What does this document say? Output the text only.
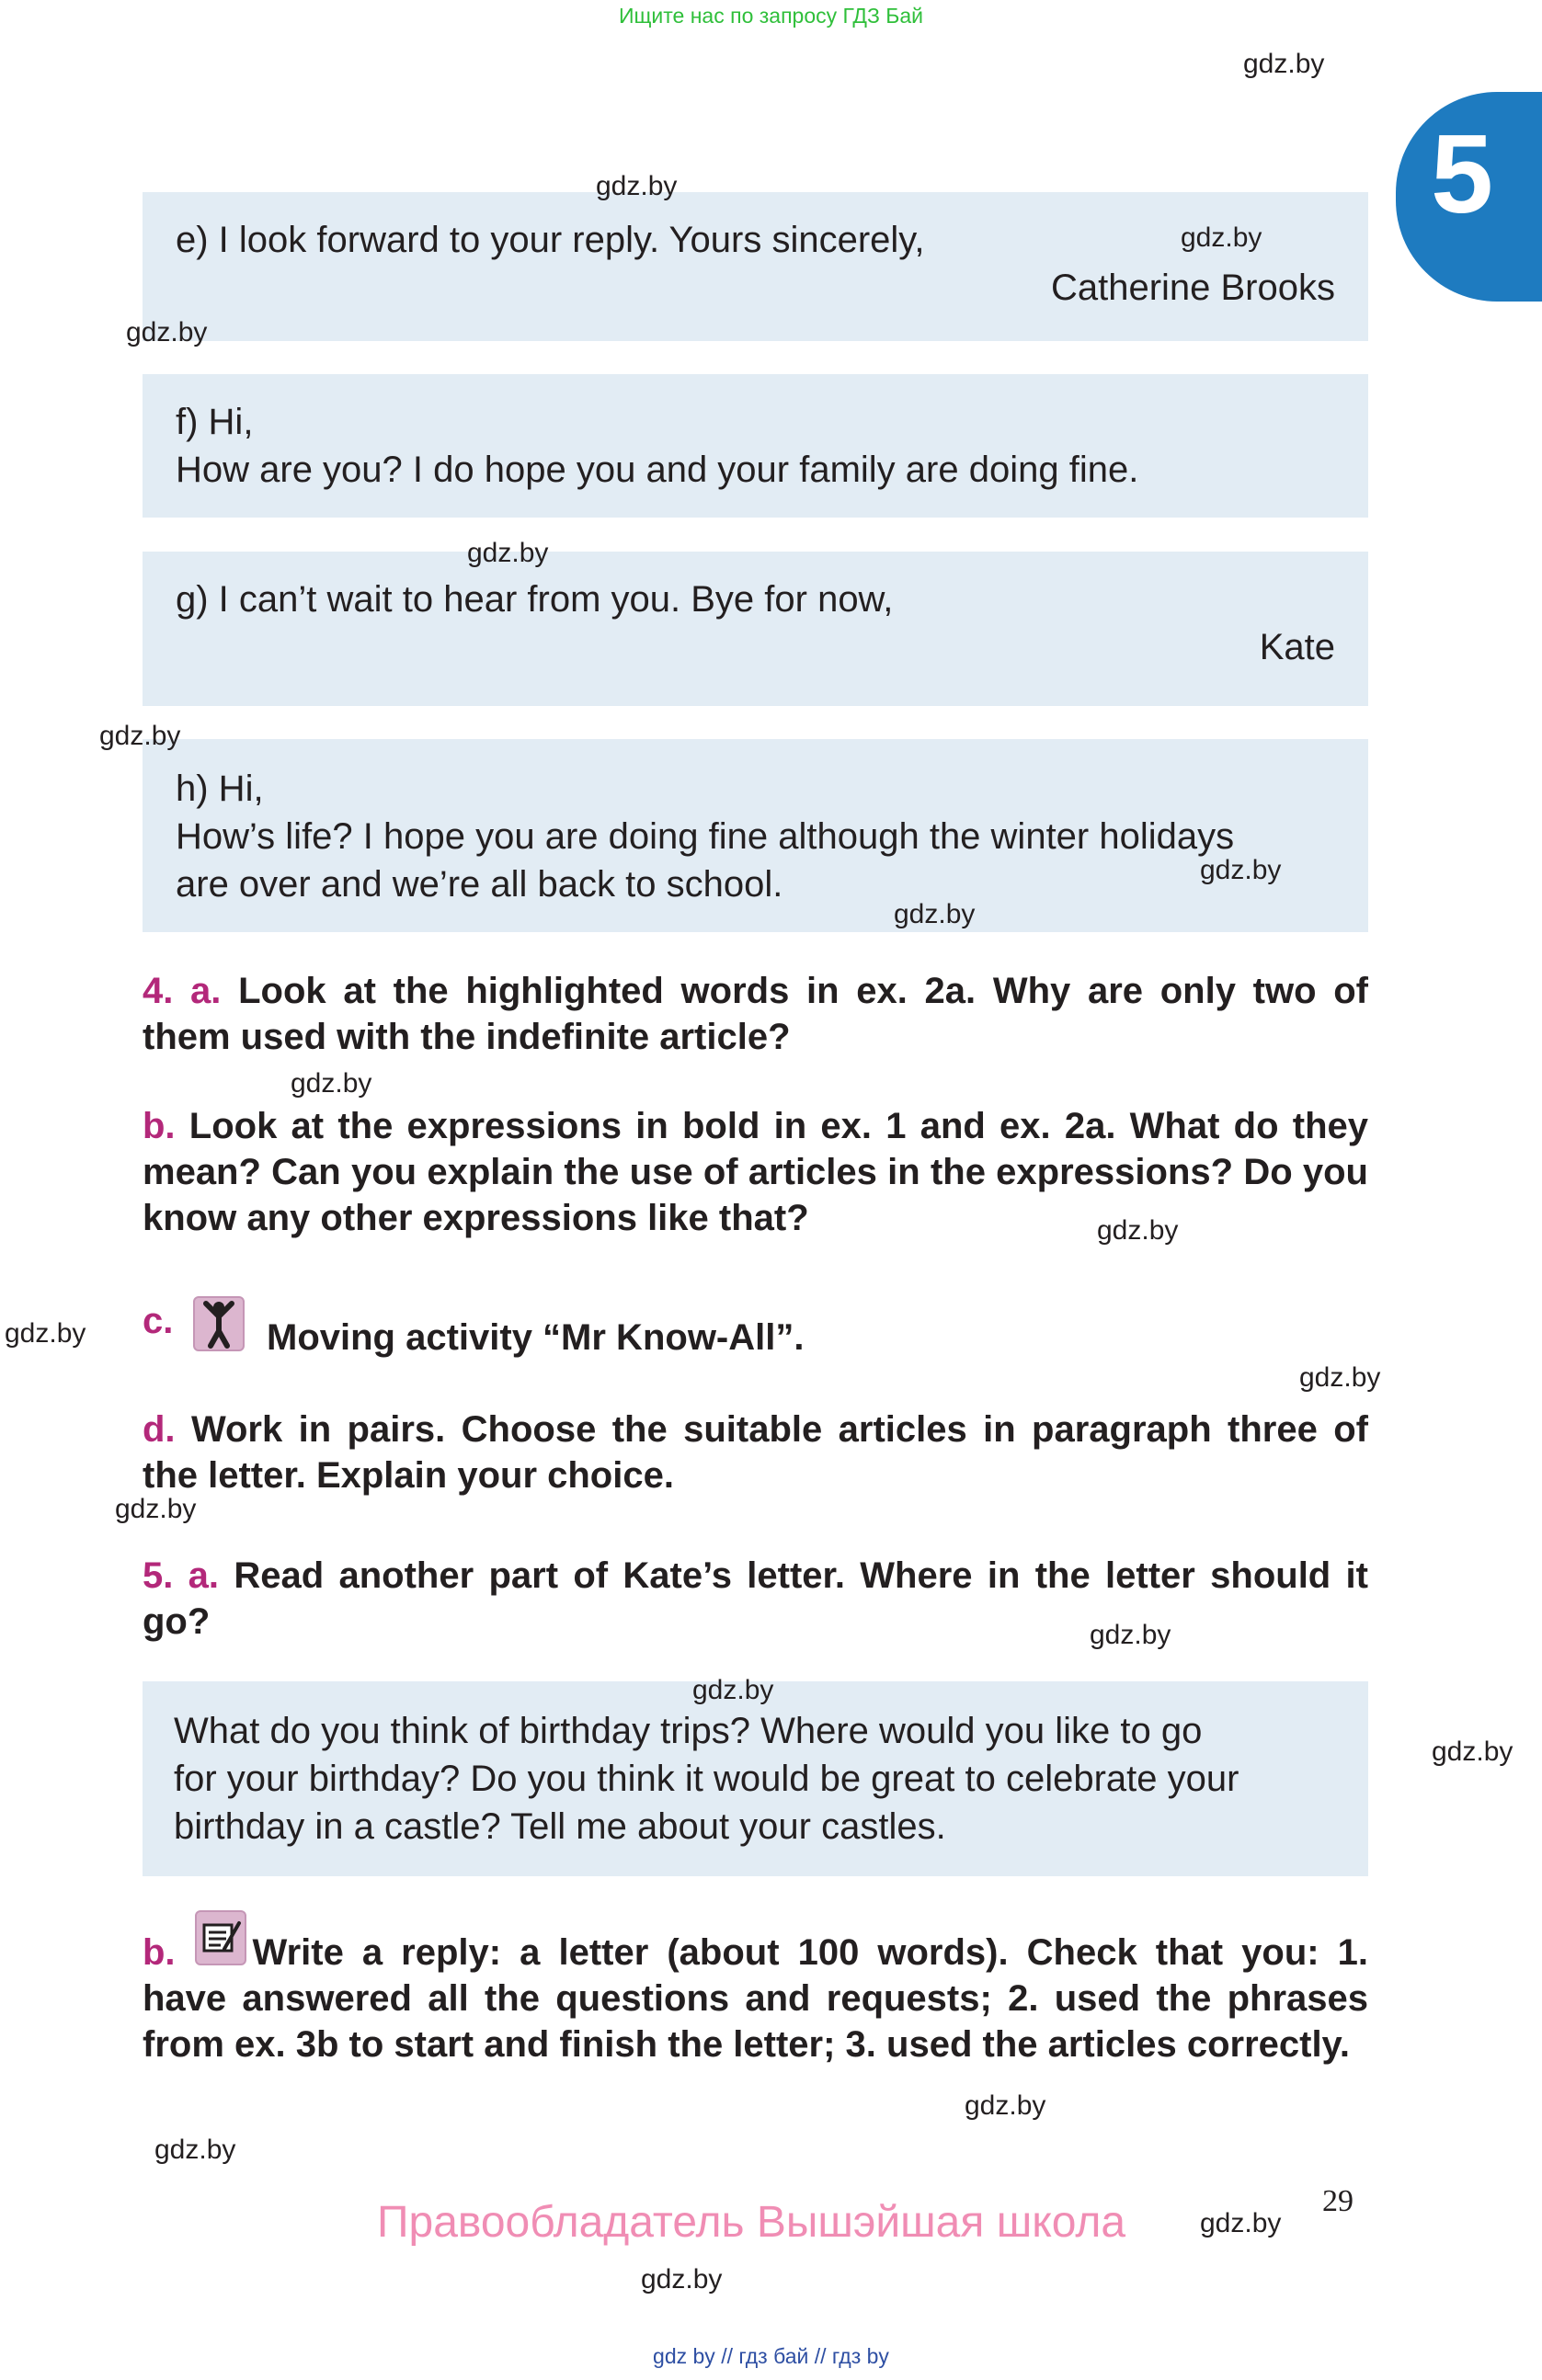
Ищите нас по запросу ГДЗ Бай
5
e) I look forward to your reply. Yours sincerely,
Catherine Brooks
f) Hi,
How are you? I do hope you and your family are doing fine.
g) I can’t wait to hear from you. Bye for now,
Kate
h) Hi,
How’s life? I hope you are doing fine although the winter holidays
are over and we’re all back to school.
4. a. Look at the highlighted words in ex. 2a. Why are only two of them used with the indefinite article?
b. Look at the expressions in bold in ex. 1 and ex. 2a. What do they mean? Can you explain the use of articles in the expressions? Do you know any other expressions like that?
c.	Moving activity “Mr Know-All”.
d. Work in pairs. Choose the suitable articles in paragraph three of the letter. Explain your choice.
5. a. Read another part of Kate’s letter. Where in the letter should it go?
What do you think of birthday trips? Where would you like to go
for your birthday? Do you think it would be great to celebrate your
birthday in a castle? Tell me about your castles.
b. Write a reply: a letter (about 100 words). Check that you: 1. have answered all the questions and requests; 2. used the phrases from ex. 3b to start and finish the letter; 3. used the articles correctly.
gdz.by
gdz.by
gdz.by
gdz.by
gdz.by
gdz.by
gdz.by
gdz.by
gdz.by
gdz.by
gdz.by
gdz.by
gdz.by
gdz.by
gdz.by
gdz.by
gdz.by
gdz.by
gdz.by
gdz.by
Правообладатель Вышэйшая школа	29
gdz by // гдз бай // гдз by
